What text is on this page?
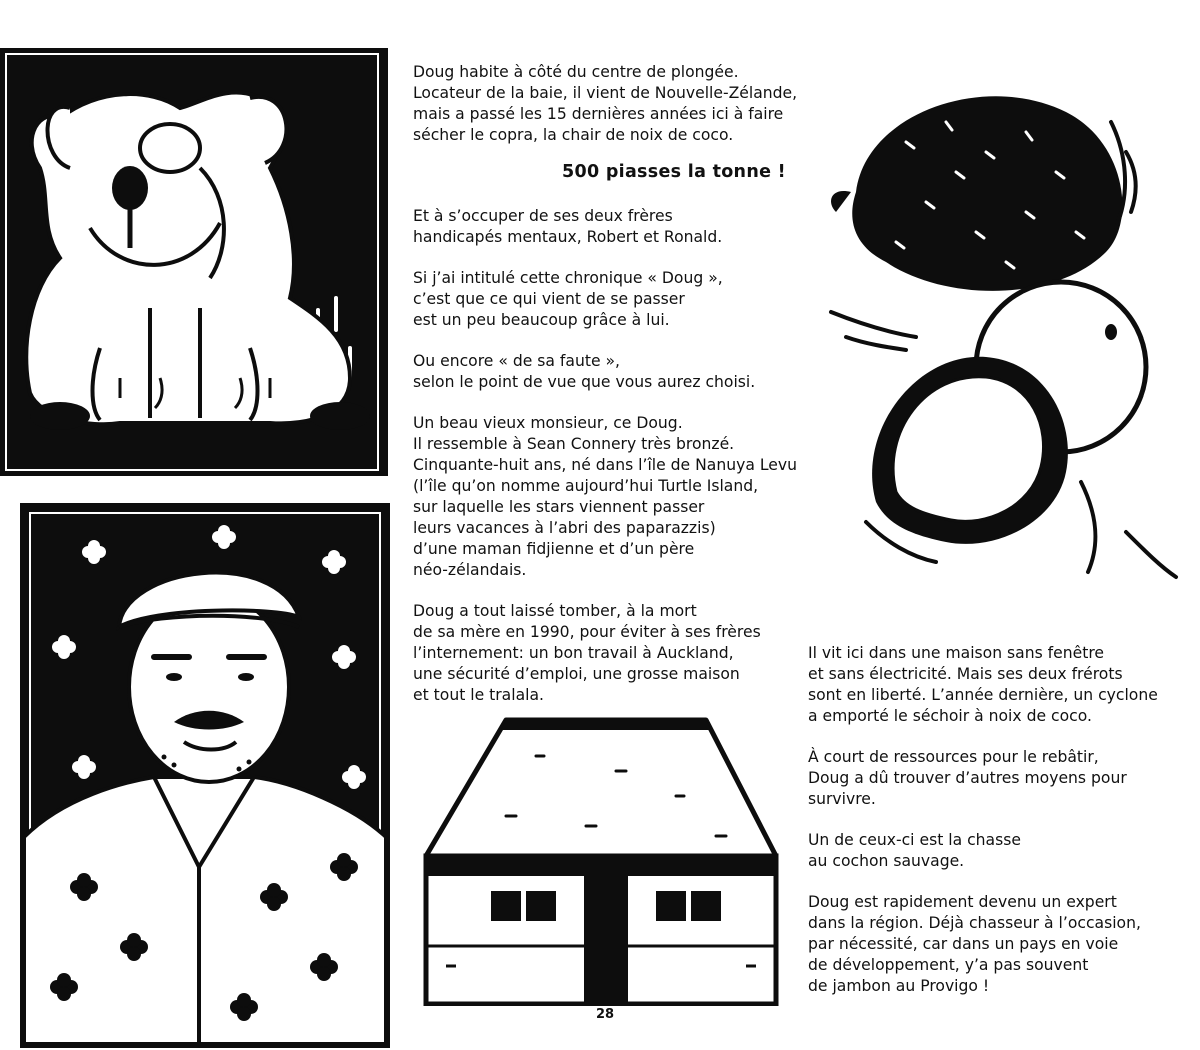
Doug habite à côté du centre de plongée.
Locateur de la baie, il vient de Nouvelle-Zélande,
mais a passé les 15 dernières années ici à faire
sécher le copra, la chair de noix de coco.

500 piasses la tonne !

Et à s’occuper de ses deux frères
handicapés mentaux, Robert et Ronald.

Si j’ai intitulé cette chronique « Doug »,
c’est que ce qui vient de se passer
est un peu beaucoup grâce à lui.

Ou encore « de sa faute »,
selon le point de vue que vous aurez choisi.

Un beau vieux monsieur, ce Doug.
Il ressemble à Sean Connery très bronzé.
Cinquante-huit ans, né dans l’île de Nanuya Levu
(l’île qu’on nomme aujourd’hui Turtle Island,
sur laquelle les stars viennent passer
leurs vacances à l’abri des paparazzis)
d’une maman fidjienne et d’un père
néo-zélandais.

Doug a tout laissé tomber, à la mort
de sa mère en 1990, pour éviter à ses frères
l’internement: un bon travail à Auckland,
une sécurité d’emploi, une grosse maison
et tout le tralala.

Il vit ici dans une maison sans fenêtre
et sans électricité. Mais ses deux frérots
sont en liberté. L’année dernière, un cyclone
a emporté le séchoir à noix de coco.

À court de ressources pour le rebâtir,
Doug a dû trouver d’autres moyens pour survivre.

Un de ceux-ci est la chasse
au cochon sauvage.

Doug est rapidement devenu un expert
dans la région. Déjà chasseur à l’occasion,
par nécessité, car dans un pays en voie
de développement, y’a pas souvent
de jambon au Provigo !

28
